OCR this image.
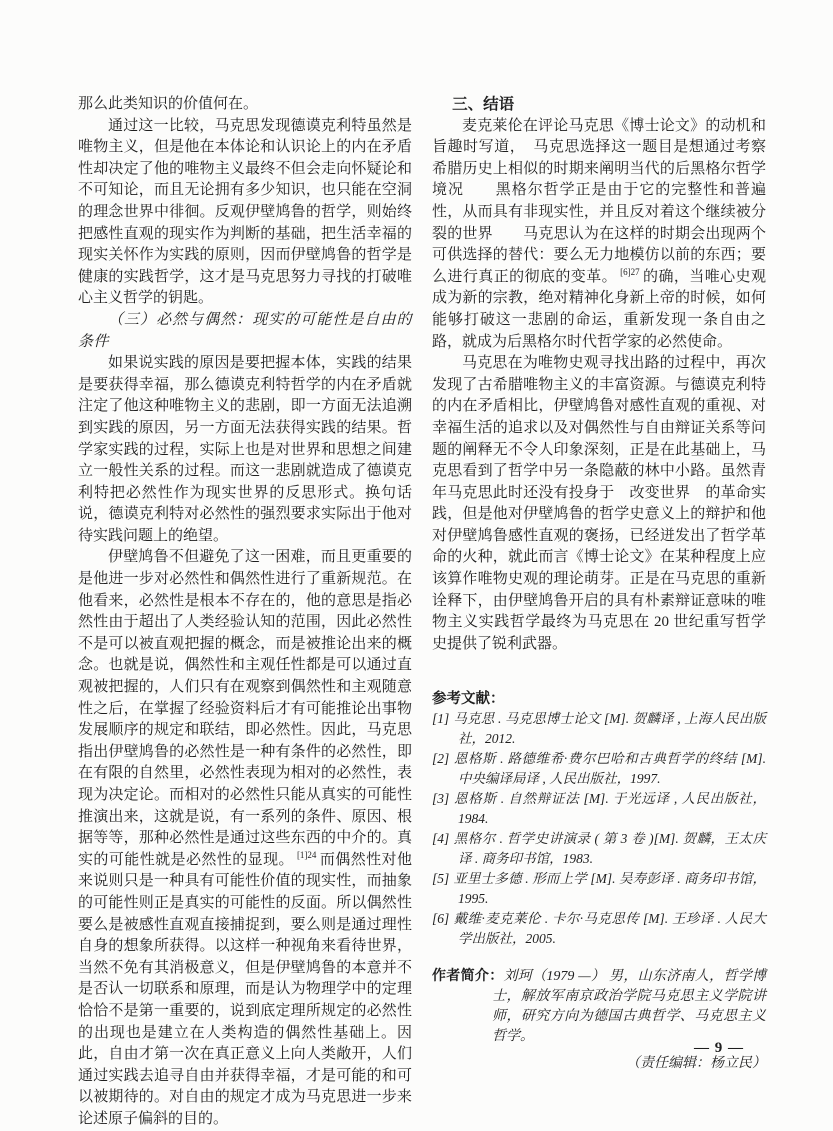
那么此类知识的价值何在。

通过这一比较，马克思发现德谟克利特虽然是唯物主义，但是他在本体论和认识论上的内在矛盾性却决定了他的唯物主义最终不但会走向怀疑论和不可知论，而且无论拥有多少知识，也只能在空洞的理念世界中徘徊。反观伊壁鸠鲁的哲学，则始终把感性直观的现实作为判断的基础，把生活幸福的现实关怀作为实践的原则，因而伊壁鸠鲁的哲学是健康的实践哲学，这才是马克思努力寻找的打破唯心主义哲学的钥匙。

（三）必然与偶然：现实的可能性是自由的条件

如果说实践的原因是要把握本体，实践的结果是要获得幸福，那么德谟克利特哲学的内在矛盾就注定了他这种唯物主义的悲剧，即一方面无法追溯到实践的原因，另一方面无法获得实践的结果。哲学家实践的过程，实际上也是对世界和思想之间建立一般性关系的过程。而这一悲剧就造成了德谟克利特把必然性作为现实世界的反思形式。换句话说，德谟克利特对必然性的强烈要求实际出于他对待实践问题上的绝望。

伊壁鸠鲁不但避免了这一困难，而且更重要的是他进一步对必然性和偶然性进行了重新规范。在他看来，必然性是根本不存在的，他的意思是指必然性由于超出了人类经验认知的范围，因此必然性不是可以被直观把握的概念，而是被推论出来的概念。也就是说，偶然性和主观任性都是可以通过直观被把握的，人们只有在观察到偶然性和主观随意性之后，在掌握了经验资料后才有可能推论出事物发展顺序的规定和联结，即必然性。因此，马克思指出伊壁鸠鲁的必然性是一种有条件的必然性，即　在有限的自然里，必然性表现为相对的必然性，表现为决定论。而相对的必然性只能从真实的可能性推演出来，这就是说，有一系列的条件、原因、根据等等，那种必然性是通过这些东西的中介的。真实的可能性就是必然性的显现。 $^{[1]24}$ 而偶然性对他来说则只是一种具有可能性价值的现实性，而抽象的可能性则正是真实的可能性的反面。所以偶然性要么是被感性直观直接捕捉到，要么则是通过理性自身的想象所获得。以这样一种视角来看待世界，当然不免有其消极意义，但是伊壁鸠鲁的本意并不是否认一切联系和原理，而是认为物理学中的定理恰恰不是第一重要的，说到底定理所规定的必然性的出现也是建立在人类构造的偶然性基础上。因此，自由才第一次在真正意义上向人类敞开，人们通过实践去追寻自由并获得幸福，才是可能的和可以被期待的。对自由的规定才成为马克思进一步来论述原子偏斜的目的。

三、结语

麦克莱伦在评论马克思《博士论文》的动机和旨趣时写道，　马克思选择这一题目是想通过考察希腊历史上相似的时期来阐明当代的后黑格尔哲学境况　　黑格尔哲学正是由于它的完整性和普遍性，从而具有非现实性，并且反对着这个继续被分裂的世界　　马克思认为在这样的时期会出现两个可供选择的替代：要么无力地模仿以前的东西；要么进行真正的彻底的变革。 $^{[6]27}$ 的确，当唯心史观成为新的宗教，绝对精神化身新上帝的时候，如何能够打破这一悲剧的命运，重新发现一条自由之路，就成为后黑格尔时代哲学家的必然使命。

马克思在为唯物史观寻找出路的过程中，再次发现了古希腊唯物主义的丰富资源。与德谟克利特的内在矛盾相比，伊壁鸠鲁对感性直观的重视、对幸福生活的追求以及对偶然性与自由辩证关系等问题的阐释无不令人印象深刻，正是在此基础上，马克思看到了哲学中另一条隐蔽的林中小路。虽然青年马克思此时还没有投身于　改变世界　的革命实践，但是他对伊壁鸠鲁的哲学史意义上的辩护和他对伊壁鸠鲁感性直观的褒扬，已经迸发出了哲学革命的火种，就此而言《博士论文》在某种程度上应该算作唯物史观的理论萌芽。正是在马克思的重新诠释下，由伊壁鸠鲁开启的具有朴素辩证意味的唯物主义实践哲学最终为马克思在 20 世纪重写哲学史提供了锐利武器。

参考文献：
[1] 马克思 . 马克思博士论文 [M]. 贺麟译 , 上海人民出版社，2012.
[2] 恩格斯 . 路德维希·费尔巴哈和古典哲学的终结 [M]. 中央编译局译 , 人民出版社，1997.
[3] 恩格斯 . 自然辩证法 [M]. 于光远译 , 人民出版社，1984.
[4] 黑格尔 . 哲学史讲演录 ( 第 3 卷 )[M]. 贺麟，王太庆译 . 商务印书馆，1983.
[5] 亚里士多德 . 形而上学 [M]. 吴寿彭译 . 商务印书馆，1995.
[6] 戴维·麦克莱伦 . 卡尔·马克思传 [M]. 王珍译 . 人民大学出版社，2005.
作者简介：刘珂（1979 —） 男，山东济南人，哲学博士，解放军南京政治学院马克思主义学院讲师，研究方向为德国古典哲学、马克思主义哲学。
（责任编辑：杨立民）
— 9 —
